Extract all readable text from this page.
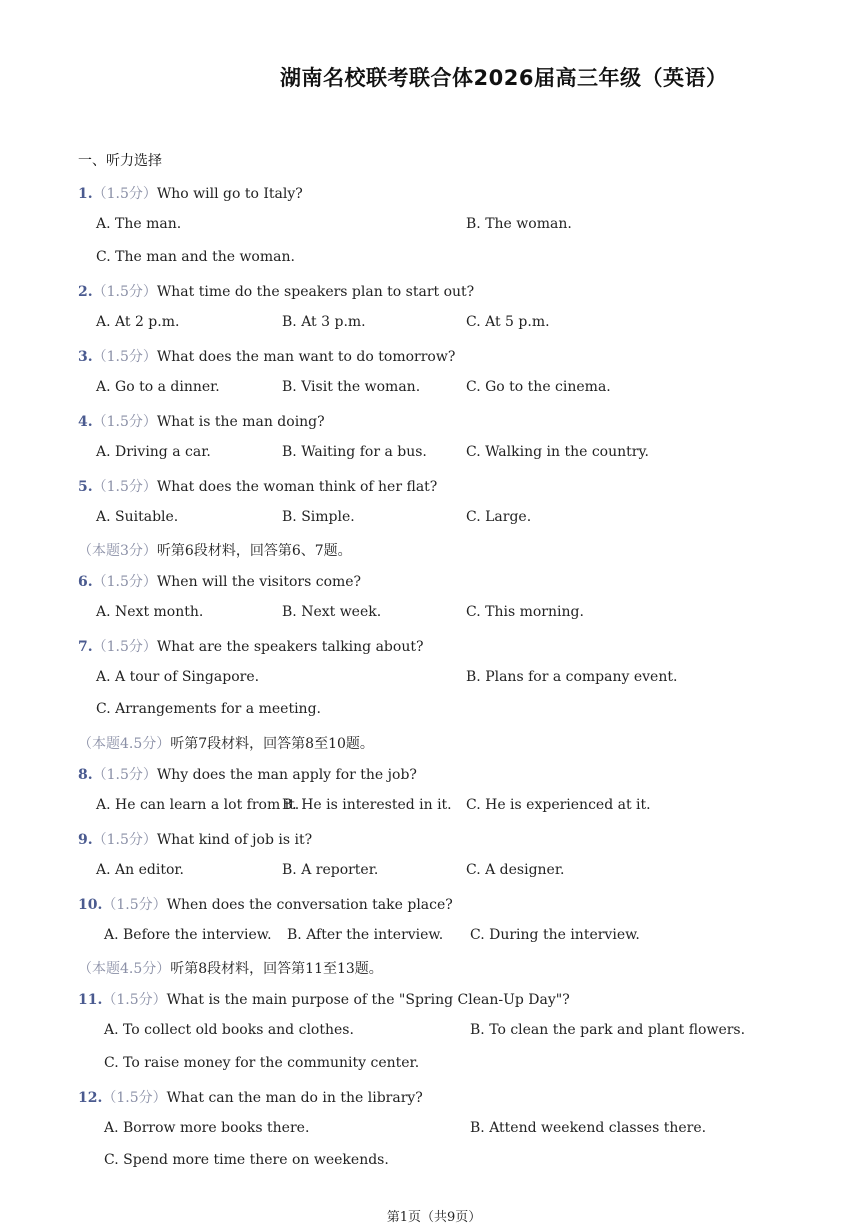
湖南名校联考联合体2026届高三年级（英语）
一、听力选择
1.（1.5分）Who will go to Italy?
A. The man.	B. The woman.
C. The man and the woman.
2.（1.5分）What time do the speakers plan to start out?
A. At 2 p.m.	B. At 3 p.m.	C. At 5 p.m.
3.（1.5分）What does the man want to do tomorrow?
A. Go to a dinner.	B. Visit the woman.	C. Go to the cinema.
4.（1.5分）What is the man doing?
A. Driving a car.	B. Waiting for a bus.	C. Walking in the country.
5.（1.5分）What does the woman think of her flat?
A. Suitable.	B. Simple.	C. Large.
（本题3分）听第6段材料，回答第6、7题。
6.（1.5分）When will the visitors come?
A. Next month.	B. Next week.	C. This morning.
7.（1.5分）What are the speakers talking about?
A. A tour of Singapore.	B. Plans for a company event.
C. Arrangements for a meeting.
（本题4.5分）听第7段材料，回答第8至10题。
8.（1.5分）Why does the man apply for the job?
A. He can learn a lot from it.
B. He is interested in it. C. He is experienced at it.
9.（1.5分）What kind of job is it?
A. An editor.	B. A reporter.	C. A designer.
10.（1.5分）When does the conversation take place?
A. Before the interview. B. After the interview. C. During the interview.
（本题4.5分）听第8段材料，回答第11至13题。
11.（1.5分）What is the main purpose of the "Spring Clean-Up Day"?
A. To collect old books and clothes.	B. To clean the park and plant flowers.
C. To raise money for the community center.
12.（1.5分）What can the man do in the library?
A. Borrow more books there.	B. Attend weekend classes there.
C. Spend more time there on weekends.
第1页（共9页）
